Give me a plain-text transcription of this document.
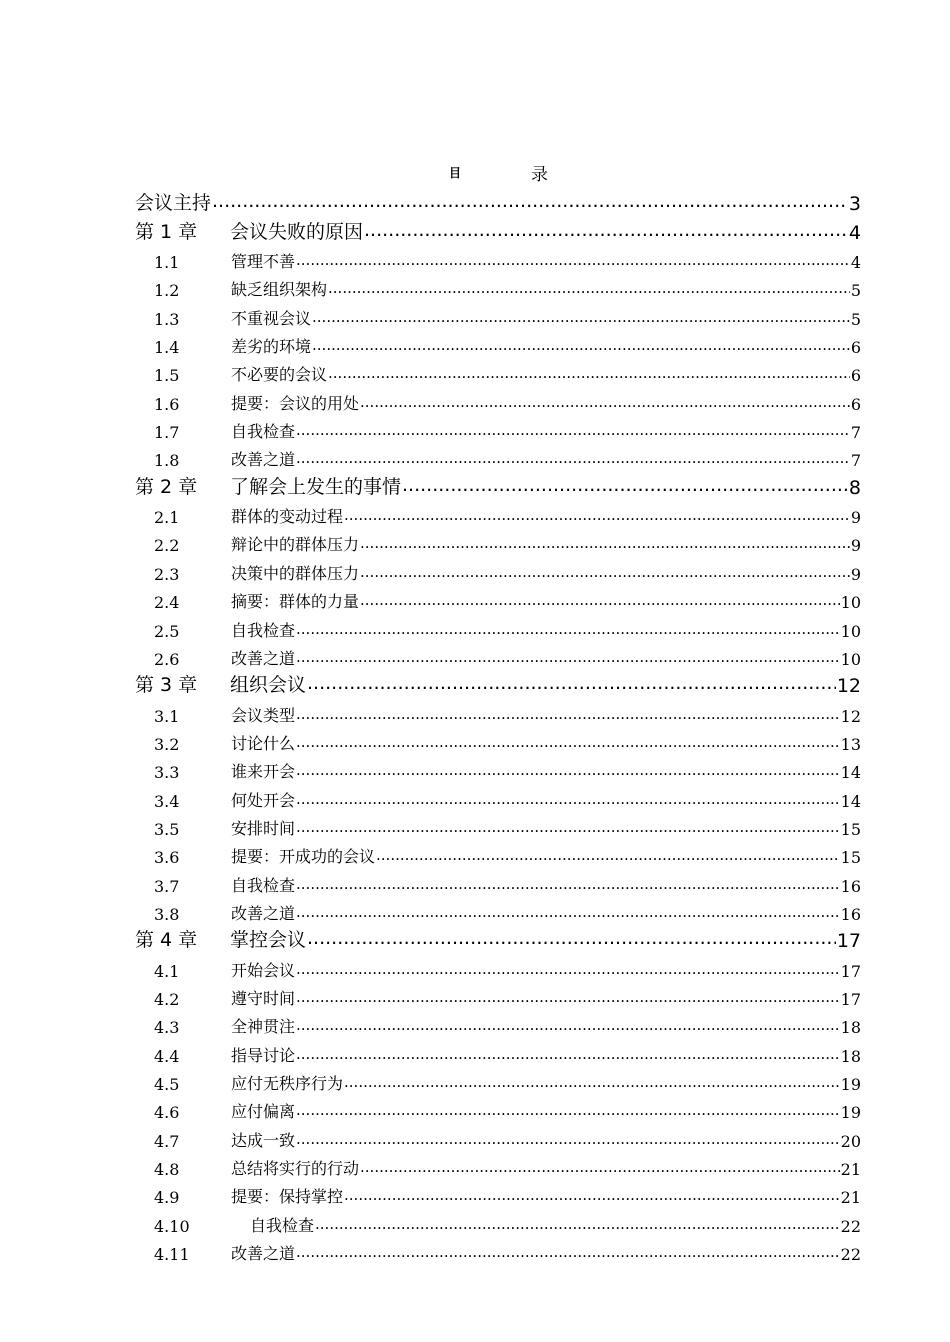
目	录
会议主持 .....	3
第 1 章	会议失败的原因 .....	4
1.1	管理不善 .....	4
1.2	缺乏组织架构 .....	5
1.3	不重视会议 .....	5
1.4	差劣的环境 .....	6
1.5	不必要的会议 .....	6
1.6	提要：会议的用处 .....	6
1.7	自我检查 .....	7
1.8	改善之道 .....	7
第 2 章	了解会上发生的事情 .....	8
2.1	群体的变动过程 .....	9
2.2	辩论中的群体压力 .....	9
2.3	决策中的群体压力 .....	9
2.4	摘要：群体的力量 .....	10
2.5	自我检查 .....	10
2.6	改善之道 .....	10
第 3 章	组织会议 .....	12
3.1	会议类型 .....	12
3.2	讨论什么 .....	13
3.3	谁来开会 .....	14
3.4	何处开会 .....	14
3.5	安排时间 .....	15
3.6	提要：开成功的会议 .....	15
3.7	自我检查 .....	16
3.8	改善之道 .....	16
第 4 章	掌控会议 .....	17
4.1	开始会议 .....	17
4.2	遵守时间 .....	17
4.3	全神贯注 .....	18
4.4	指导讨论 .....	18
4.5	应付无秩序行为 .....	19
4.6	应付偏离 .....	19
4.7	达成一致 .....	20
4.8	总结将实行的行动 .....	21
4.9	提要：保持掌控 .....	21
4.10	自我检查 .....	22
4.11	改善之道 .....	22
